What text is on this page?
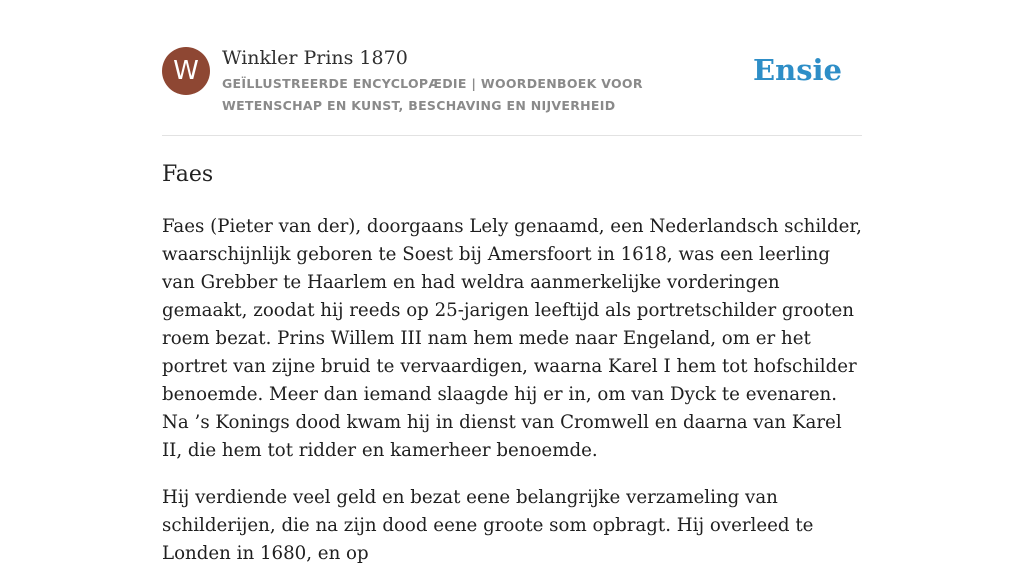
W	Winkler Prins 1870
GEÏLLUSTREERDE ENCYCLOPÆDIE | WOORDENBOEK VOOR WETENSCHAP EN KUNST, BESCHAVING EN NIJVERHEID
Ensie
Faes

Faes (Pieter van der), doorgaans Lely genaamd, een Nederlandsch schilder, waarschijnlijk geboren te Soest bij Amersfoort in 1618, was een leerling van Grebber te Haarlem en had weldra aanmerkelijke vorderingen gemaakt, zoodat hij reeds op 25-jarigen leeftijd als portretschilder grooten roem bezat. Prins Willem III nam hem mede naar Engeland, om er het portret van zijne bruid te vervaardigen, waarna Karel I hem tot hofschilder benoemde. Meer dan iemand slaagde hij er in, om van Dyck te evenaren. Na ’s Konings dood kwam hij in dienst van Cromwell en daarna van Karel II, die hem tot ridder en kamerheer benoemde.

Hij verdiende veel geld en bezat eene belangrijke verzameling van schilderijen, die na zijn dood eene groote som opbragt. Hij overleed te Londen in 1680, en op
